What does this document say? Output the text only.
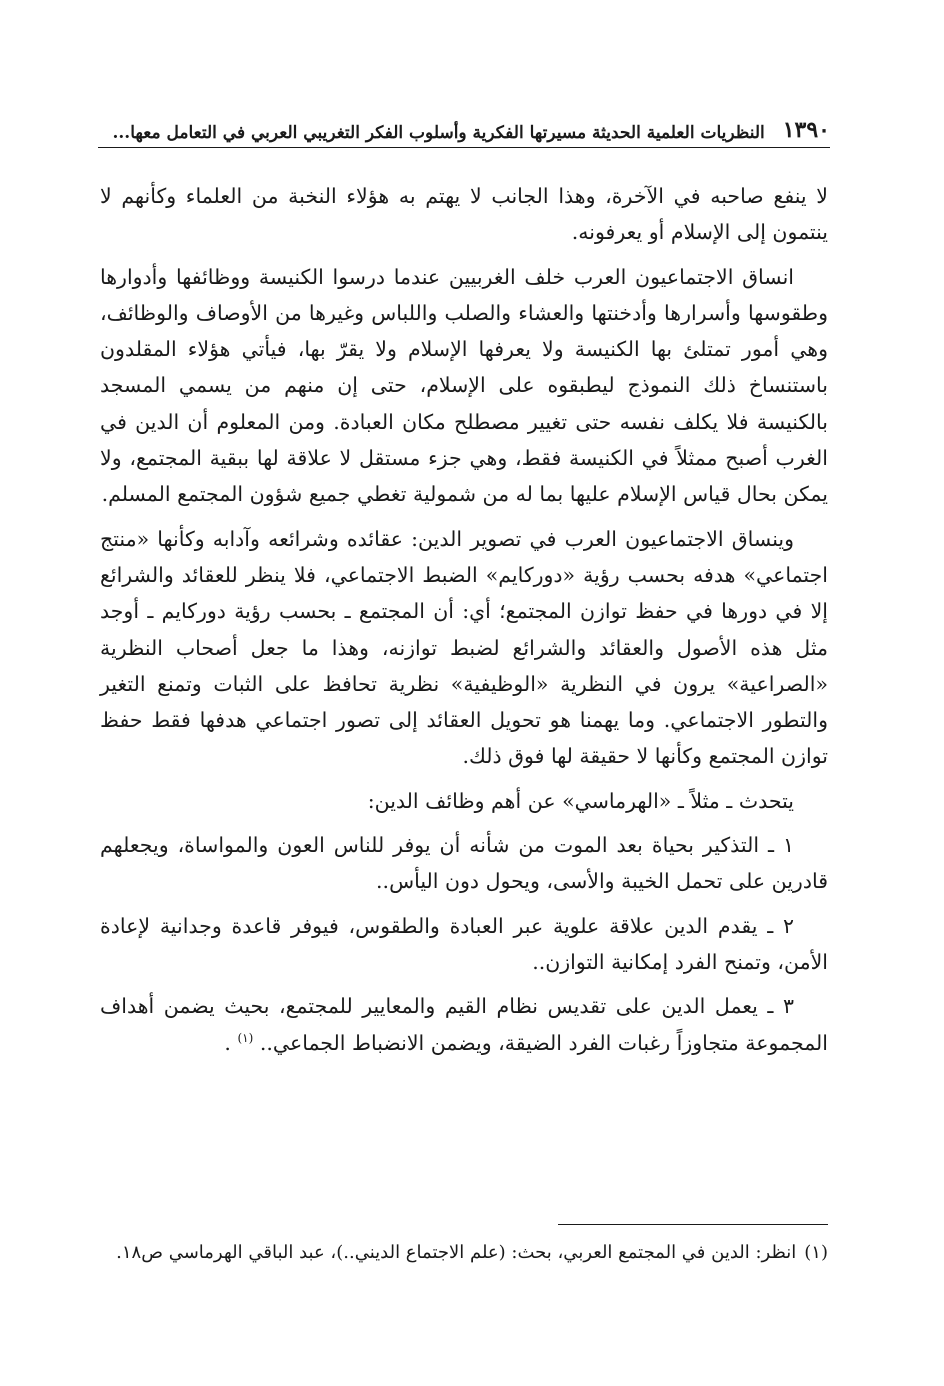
١٣٩٠
النظريات العلمية الحديثة مسيرتها الفكرية وأسلوب الفكر التغريبي العربي في التعامل معها...

لا ينفع صاحبه في الآخرة، وهذا الجانب لا يهتم به هؤلاء النخبة من العلماء وكأنهم لا ينتمون إلى الإسلام أو يعرفونه.

انساق الاجتماعيون العرب خلف الغربيين عندما درسوا الكنيسة ووظائفها وأدوارها وطقوسها وأسرارها وأدخنتها والعشاء والصلب واللباس وغيرها من الأوصاف والوظائف، وهي أمور تمتلئ بها الكنيسة ولا يعرفها الإسلام ولا يقرّ بها، فيأتي هؤلاء المقلدون باستنساخ ذلك النموذج ليطبقوه على الإسلام، حتى إن منهم من يسمي المسجد بالكنيسة فلا يكلف نفسه حتى تغيير مصطلح مكان العبادة. ومن المعلوم أن الدين في الغرب أصبح ممثلاً في الكنيسة فقط، وهي جزء مستقل لا علاقة لها ببقية المجتمع، ولا يمكن بحال قياس الإسلام عليها بما له من شمولية تغطي جميع شؤون المجتمع المسلم.

وينساق الاجتماعيون العرب في تصوير الدين: عقائده وشرائعه وآدابه وكأنها «منتج اجتماعي» هدفه بحسب رؤية «دوركايم» الضبط الاجتماعي، فلا ينظر للعقائد والشرائع إلا في دورها في حفظ توازن المجتمع؛ أي: أن المجتمع ـ بحسب رؤية دوركايم ـ أوجد مثل هذه الأصول والعقائد والشرائع لضبط توازنه، وهذا ما جعل أصحاب النظرية «الصراعية» يرون في النظرية «الوظيفية» نظرية تحافظ على الثبات وتمنع التغير والتطور الاجتماعي. وما يهمنا هو تحويل العقائد إلى تصور اجتماعي هدفها فقط حفظ توازن المجتمع وكأنها لا حقيقة لها فوق ذلك.

يتحدث ـ مثلاً ـ «الهرماسي» عن أهم وظائف الدين:

١ ـ التذكير بحياة بعد الموت من شأنه أن يوفر للناس العون والمواساة، ويجعلهم قادرين على تحمل الخيبة والأسى، ويحول دون اليأس..

٢ ـ يقدم الدين علاقة علوية عبر العبادة والطقوس، فيوفر قاعدة وجدانية لإعادة الأمن، وتمنح الفرد إمكانية التوازن..

٣ ـ يعمل الدين على تقديس نظام القيم والمعايير للمجتمع، بحيث يضمن أهداف المجموعة متجاوزاً رغبات الفرد الضيقة، ويضمن الانضباط الجماعي.. $^{(١)}$ .

(١)انظر: الدين في المجتمع العربي، بحث: (علم الاجتماع الديني..)، عبد الباقي الهرماسي ص١٨.
